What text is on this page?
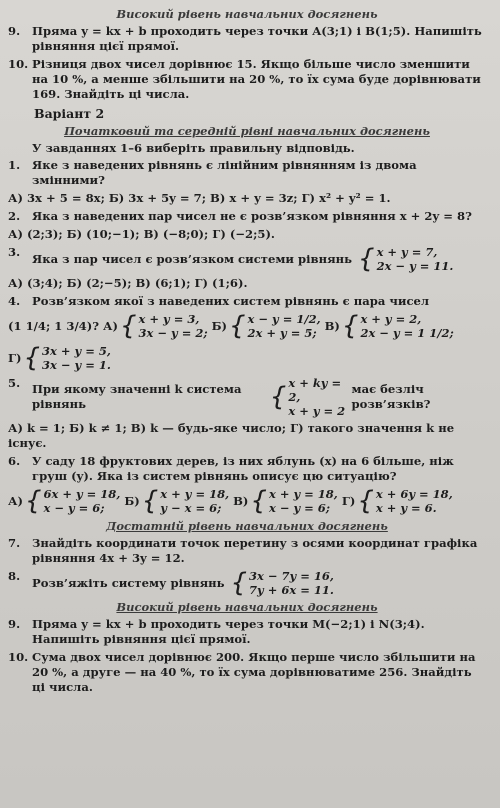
Високий рівень навчальних досягнень
9.	Пряма y = kx + b проходить через точки A(3;1) і B(1;5). Напишіть рівняння цієї прямої.
10. Різниця двох чисел дорівнює 15. Якщо більше число зменшити на 10 %, а менше збільшити на 20 %, то їх сума буде дорівнювати 169. Знайдіть ці числа.
Варіант 2
Початковий та середній рівні навчальних досягнень
У завданнях 1–6 виберіть правильну відповідь.
1.	Яке з наведених рівнянь є лінійним рівнянням із двома змінними?
А) 3x + 5 = 8x; Б) 3x + 5y = 7; В) x + y = 3z; Г) x² + y² = 1.
2.	Яка з наведених пар чисел не є розв’язком рівняння x + 2y = 8?
А) (2;3); Б) (10;−1); В) (−8;0); Г) (−2;5).
3.	Яка з пар чисел є розв’язком системи рівнянь { x + y = 7,
2x − y = 11.
А) (3;4); Б) (2;−5); В) (6;1); Г) (1;6).
4.	Розв’язком якої з наведених систем рівнянь є пара чисел
(1 1/4; 1 3/4)? А) { x + y = 3,
3x − y = 2;
Б) { x − y = 1/2,
2x + y = 5;
В) { x + y = 2,
2x − y = 1 1/2;
Г) { 3x + y = 5,
3x − y = 1.
5.	При якому значенні k система рівнянь	{ x + ky = 2,
x + y = 2
має безліч розв’язків?
А) k = 1; Б) k ≠ 1; В) k — будь-яке число; Г) такого значення k не існує.
6.	У саду 18 фруктових дерев, із них яблунь (x) на 6 більше, ніж груш (y). Яка із систем рівнянь описує цю ситуацію?
А) { 6x + y = 18,
x − y = 6;
Б) { x + y = 18,
y − x = 6;
В) { x + y = 18,
x − y = 6;
Г) { x + 6y = 18,
x + y = 6.
Достатній рівень навчальних досягнень
7.	Знайдіть координати точок перетину з осями координат графіка рівняння 4x + 3y = 12.
8.	Розв’яжіть систему рівнянь { 3x − 7y = 16,
7y + 6x = 11.
Високий рівень навчальних досягнень
9.	Пряма y = kx + b проходить через точки M(−2;1) і N(3;4). Напишіть рівняння цієї прямої.
10. Сума двох чисел дорівнює 200. Якщо перше число збільшити на 20 %, а друге — на 40 %, то їх сума дорівнюватиме 256. Знайдіть ці числа.
